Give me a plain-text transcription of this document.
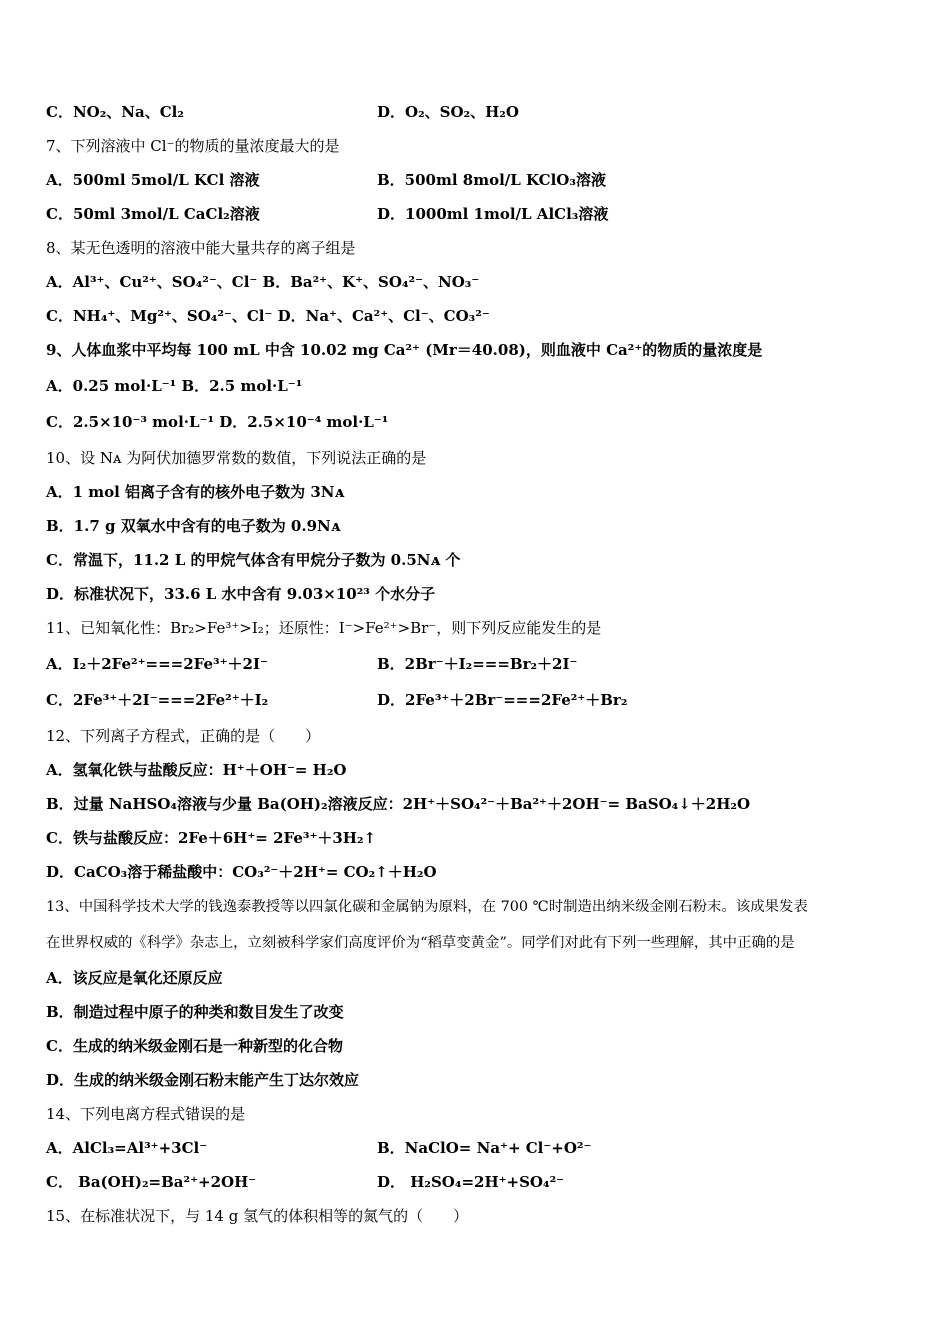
C．NO₂、Na、Cl₂	D．O₂、SO₂、H₂O
7、下列溶液中 Cl⁻的物质的量浓度最大的是
A．500ml 5mol/L KCl 溶液	B．500ml 8mol/L KClO₃溶液
C．50ml 3mol/L CaCl₂溶液	D．1000ml 1mol/L AlCl₃溶液
8、某无色透明的溶液中能大量共存的离子组是
A．Al³⁺、Cu²⁺、SO₄²⁻、Cl⁻ B．Ba²⁺、K⁺、SO₄²⁻、NO₃⁻
C．NH₄⁺、Mg²⁺、SO₄²⁻、Cl⁻ D．Na⁺、Ca²⁺、Cl⁻、CO₃²⁻
9、人体血浆中平均每 100 mL 中含 10.02 mg Ca²⁺ (Mr＝40.08)，则血液中 Ca²⁺的物质的量浓度是
A．0.25 mol·L⁻¹ B．2.5 mol·L⁻¹
C．2.5×10⁻³ mol·L⁻¹ D．2.5×10⁻⁴ mol·L⁻¹
10、设 Nᴀ 为阿伏加德罗常数的数值，下列说法正确的是
A．1 mol 铝离子含有的核外电子数为 3Nᴀ
B．1.7 g 双氧水中含有的电子数为 0.9Nᴀ
C．常温下，11.2 L 的甲烷气体含有甲烷分子数为 0.5Nᴀ 个
D．标准状况下，33.6 L 水中含有 9.03×10²³ 个水分子
11、已知氧化性：Br₂>Fe³⁺>I₂；还原性：I⁻>Fe²⁺>Br⁻，则下列反应能发生的是
A．I₂＋2Fe²⁺===2Fe³⁺＋2I⁻	B．2Br⁻＋I₂===Br₂＋2I⁻
C．2Fe³⁺＋2I⁻===2Fe²⁺＋I₂	D．2Fe³⁺＋2Br⁻===2Fe²⁺＋Br₂
12、下列离子方程式，正确的是（　　）
A．氢氧化铁与盐酸反应：H⁺＋OH⁻= H₂O
B．过量 NaHSO₄溶液与少量 Ba(OH)₂溶液反应：2H⁺＋SO₄²⁻＋Ba²⁺＋2OH⁻= BaSO₄↓＋2H₂O
C．铁与盐酸反应：2Fe＋6H⁺= 2Fe³⁺＋3H₂↑
D．CaCO₃溶于稀盐酸中：CO₃²⁻＋2H⁺= CO₂↑＋H₂O
13、中国科学技术大学的钱逸泰教授等以四氯化碳和金属钠为原料，在 700 ℃时制造出纳米级金刚石粉末。该成果发表
在世界权威的《科学》杂志上，立刻被科学家们高度评价为“稻草变黄金”。同学们对此有下列一些理解，其中正确的是
A．该反应是氧化还原反应
B．制造过程中原子的种类和数目发生了改变
C．生成的纳米级金刚石是一种新型的化合物
D．生成的纳米级金刚石粉末能产生丁达尔效应
14、下列电离方程式错误的是
A．AlCl₃=Al³⁺+3Cl⁻	B．NaClO= Na⁺+ Cl⁻+O²⁻
C． Ba(OH)₂=Ba²⁺+2OH⁻	D． H₂SO₄=2H⁺+SO₄²⁻
15、在标准状况下，与 14 g 氢气的体积相等的氮气的（　　）
